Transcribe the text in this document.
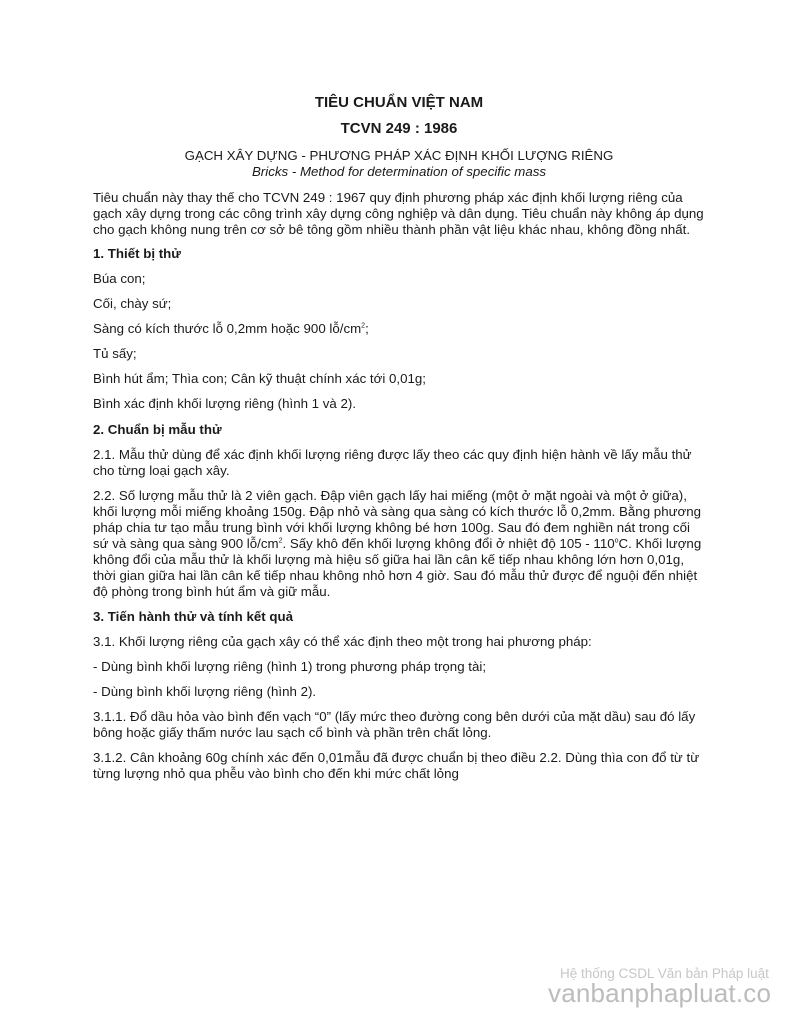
TIÊU CHUẨN VIỆT NAM

TCVN 249 : 1986

GẠCH XÂY DỰNG - PHƯƠNG PHÁP XÁC ĐỊNH KHỐI LƯỢNG RIÊNG

Bricks - Method for determination of specific mass

Tiêu chuẩn này thay thế cho TCVN 249 : 1967 quy định phương pháp xác định khối lượng riêng của gạch xây dựng trong các công trình xây dựng công nghiệp và dân dụng. Tiêu chuẩn này không áp dụng cho gạch không nung trên cơ sở bê tông gồm nhiều thành phần vật liệu khác nhau, không đồng nhất.

1. Thiết bị thử

Búa con;

Cối, chày sứ;

Sàng có kích thước lỗ 0,2mm hoặc 900 $lỗ/cm^2$;

Tủ sấy;

Bình hút ẩm; Thìa con; Cân kỹ thuật chính xác tới 0,01g;

Bình xác định khối lượng riêng (hình 1 và 2).

2. Chuẩn bị mẫu thử

2.1. Mẫu thử dùng để xác định khối lượng riêng được lấy theo các quy định hiện hành về lấy mẫu thử cho từng loại gạch xây.

2.2. Số lượng mẫu thử là 2 viên gạch. Đập viên gạch lấy hai miếng (một ở mặt ngoài và một ở giữa), khối lượng mỗi miếng khoảng 150g. Đập nhỏ và sàng qua sàng có kích thước lỗ 0,2mm. Bằng phương pháp chia tư tạo mẫu trung bình với khối lượng không bé hơn 100g. Sau đó đem nghiền nát trong cối sứ và sàng qua sàng 900 $lỗ/cm^2$. Sấy khô đến khối lượng không đổi ở nhiệt độ 105 - 110$^o$C. Khối lượng không đổi của mẫu thử là khối lượng mà hiệu số giữa hai lần cân kế tiếp nhau không lớn hơn 0,01g, thời gian giữa hai lần cân kế tiếp nhau không nhỏ hơn 4 giờ. Sau đó mẫu thử được để nguội đến nhiệt độ phòng trong bình hút ẩm và giữ mẫu.

3. Tiến hành thử và tính kết quả

3.1. Khối lượng riêng của gạch xây có thể xác định theo một trong hai phương pháp:

- Dùng bình khối lượng riêng (hình 1) trong phương pháp trọng tài;

- Dùng bình khối lượng riêng (hình 2).

3.1.1. Đổ dầu hỏa vào bình đến vạch “0” (lấy mức theo đường cong bên dưới của mặt dầu) sau đó lấy bông hoặc giấy thấm nước lau sạch cổ bình và phần trên chất lỏng.

3.1.2. Cân khoảng 60g chính xác đến 0,01mẫu đã được chuẩn bị theo điều 2.2. Dùng thìa con đổ từ từ từng lượng nhỏ qua phễu vào bình cho đến khi mức chất lỏng

Hệ thống CSDL Văn bản Pháp luật
vanbanphapluat.co
